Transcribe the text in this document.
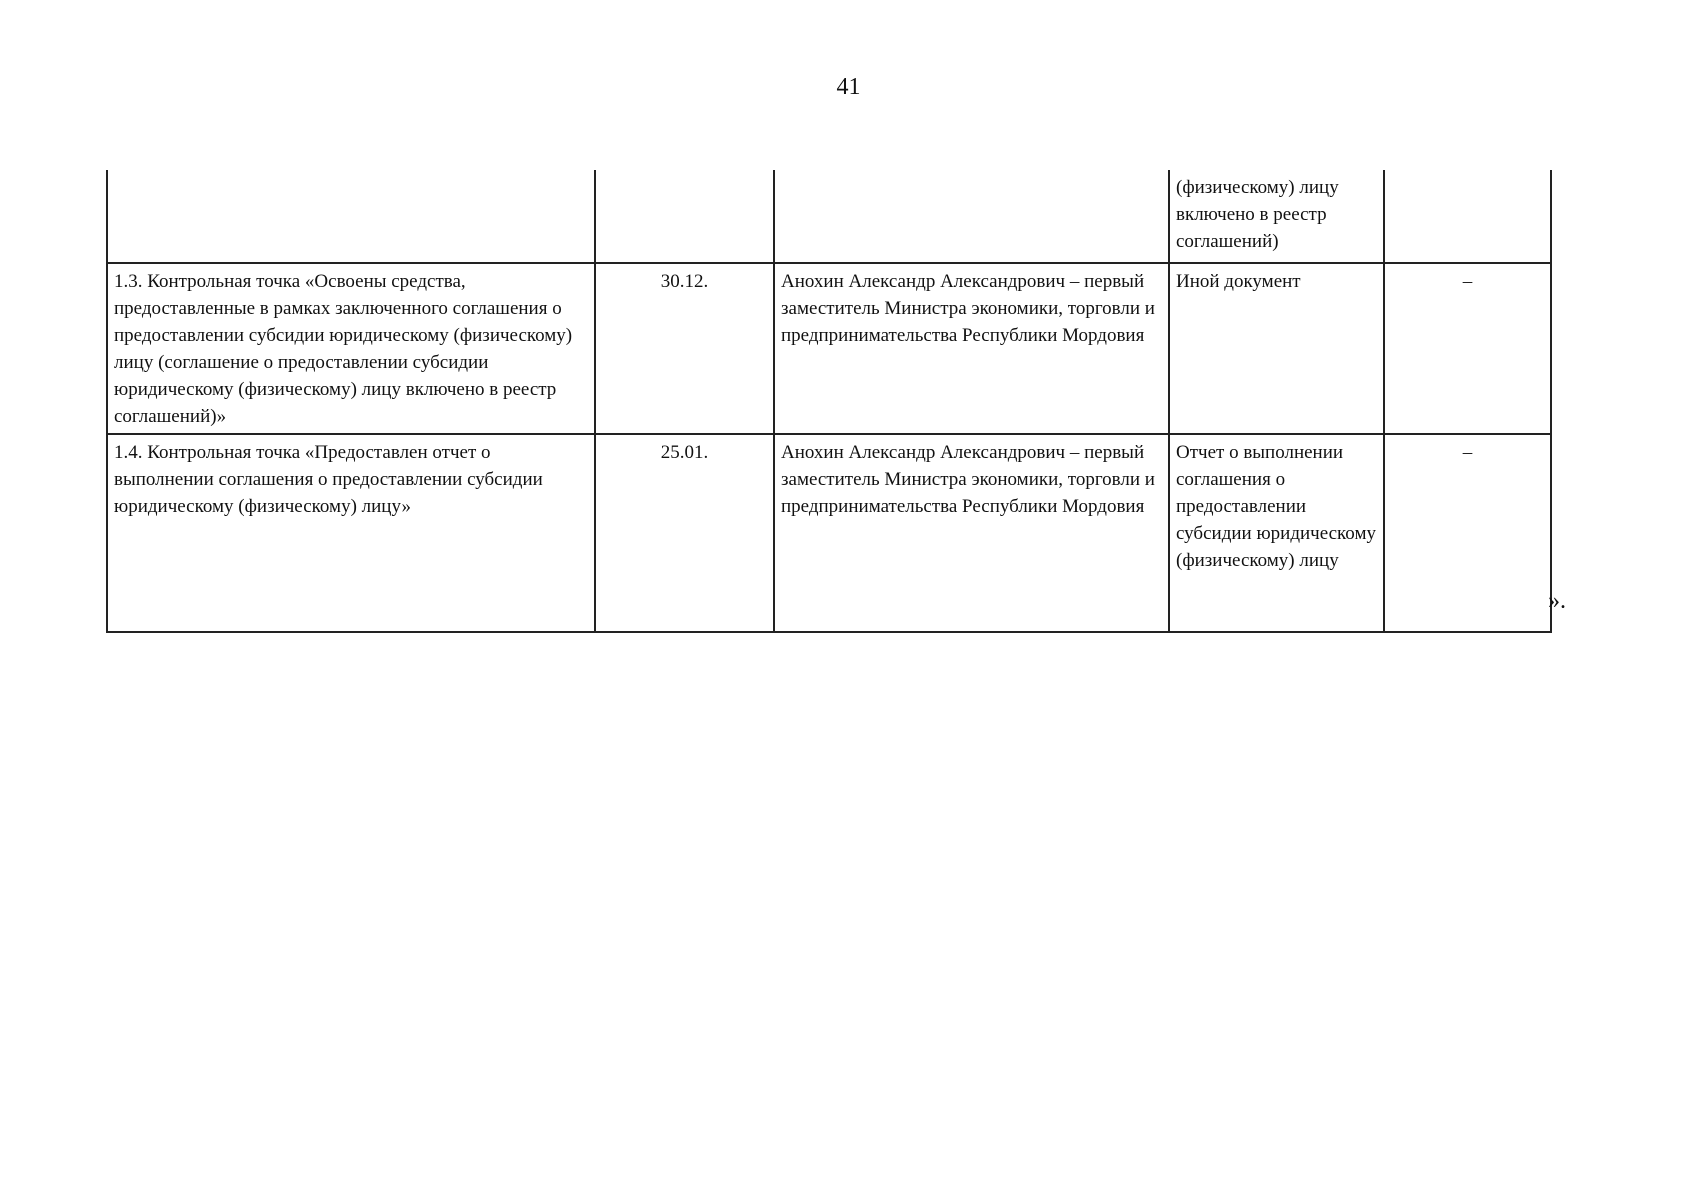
41
			(физическому) лицу включено в реестр соглашений)	
1.3. Контрольная точка «Освоены средства, предоставленные в рамках заключенного соглашения о предоставлении субсидии юридическому (физическому) лицу (соглашение о предоставлении субсидии юридическому (физическому) лицу включено в реестр соглашений)»	30.12.	Анохин Александр Александрович – первый заместитель Министра экономики, торговли и предпринимательства Республики Мордовия	Иной документ	–
1.4. Контрольная точка «Предоставлен отчет о выполнении соглашения о предоставлении субсидии юридическому (физическому) лицу»	25.01.	Анохин Александр Александрович – первый заместитель Министра экономики, торговли и предпринимательства Республики Мордовия	Отчет о выполнении соглашения о предоставлении субсидии юридическому (физическому) лицу	–
».
